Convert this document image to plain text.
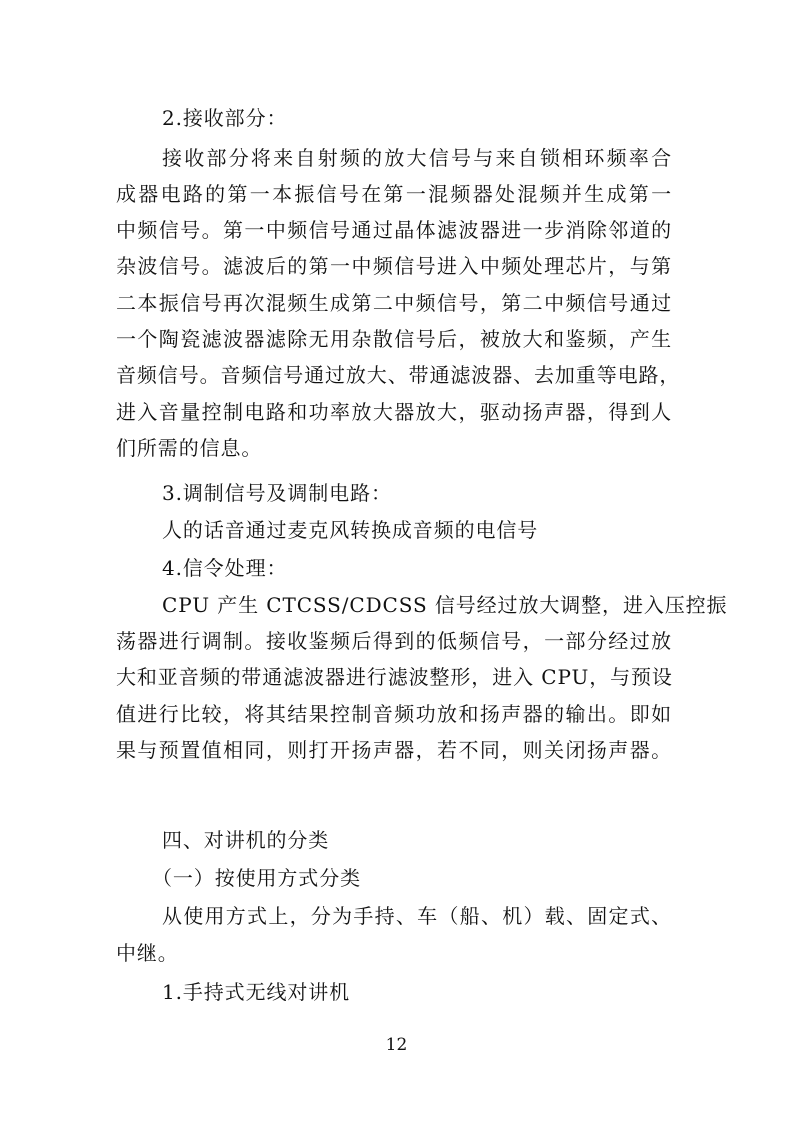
2.接收部分：
接收部分将来自射频的放大信号与来自锁相环频率合
成器电路的第一本振信号在第一混频器处混频并生成第一
中频信号。第一中频信号通过晶体滤波器进一步消除邻道的
杂波信号。滤波后的第一中频信号进入中频处理芯片，与第
二本振信号再次混频生成第二中频信号，第二中频信号通过
一个陶瓷滤波器滤除无用杂散信号后，被放大和鉴频，产生
音频信号。音频信号通过放大、带通滤波器、去加重等电路，
进入音量控制电路和功率放大器放大，驱动扬声器，得到人
们所需的信息。
3.调制信号及调制电路：
人的话音通过麦克风转换成音频的电信号
4.信令处理：
CPU 产生 CTCSS/CDCSS 信号经过放大调整，进入压控振
荡器进行调制。接收鉴频后得到的低频信号，一部分经过放
大和亚音频的带通滤波器进行滤波整形，进入 CPU，与预设
值进行比较，将其结果控制音频功放和扬声器的输出。即如
果与预置值相同，则打开扬声器，若不同，则关闭扬声器。
四、对讲机的分类
（一）按使用方式分类
从使用方式上，分为手持、车（船、机）载、固定式、
中继。
1.手持式无线对讲机
12
